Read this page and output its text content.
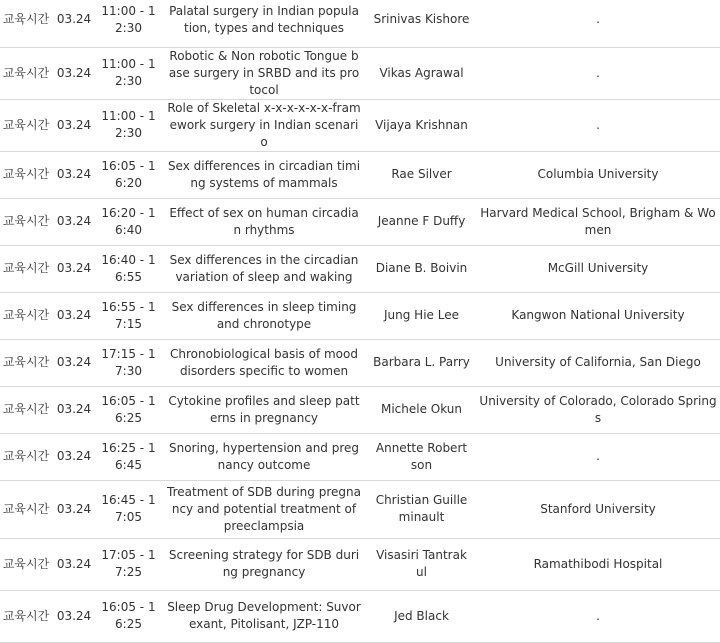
교육시간	03.24	11:00 - 12:30	Palatal surgery in Indian population, types and techniques	Srinivas Kishore	.
교육시간	03.24	11:00 - 12:30	Robotic & Non robotic Tongue base surgery in SRBD and its protocol	Vikas Agrawal	.
교육시간	03.24	11:00 - 12:30	Role of Skeletal x-x-x-x-x-x-framework surgery in Indian scenario	Vijaya Krishnan	.
교육시간	03.24	16:05 - 16:20	Sex differences in circadian timing systems of mammals	Rae Silver	Columbia University
교육시간	03.24	16:20 - 16:40	Effect of sex on human circadian rhythms	Jeanne F Duffy	Harvard Medical School, Brigham & Women
교육시간	03.24	16:40 - 16:55	Sex differences in the circadian variation of sleep and waking	Diane B. Boivin	McGill University
교육시간	03.24	16:55 - 17:15	Sex differences in sleep timing and chronotype	Jung Hie Lee	Kangwon National University
교육시간	03.24	17:15 - 17:30	Chronobiological basis of mood disorders specific to women	Barbara L. Parry	University of California, San Diego
교육시간	03.24	16:05 - 16:25	Cytokine profiles and sleep patterns in pregnancy	Michele Okun	University of Colorado, Colorado Springs
교육시간	03.24	16:25 - 16:45	Snoring, hypertension and pregnancy outcome	Annette Robertson	.
교육시간	03.24	16:45 - 17:05	Treatment of SDB during pregnancy and potential treatment of preeclampsia	Christian Guilleminault	Stanford University
교육시간	03.24	17:05 - 17:25	Screening strategy for SDB during pregnancy	Visasiri Tantrakul	Ramathibodi Hospital
교육시간	03.24	16:05 - 16:25	Sleep Drug Development: Suvorexant, Pitolisant, JZP-110	Jed Black	.
